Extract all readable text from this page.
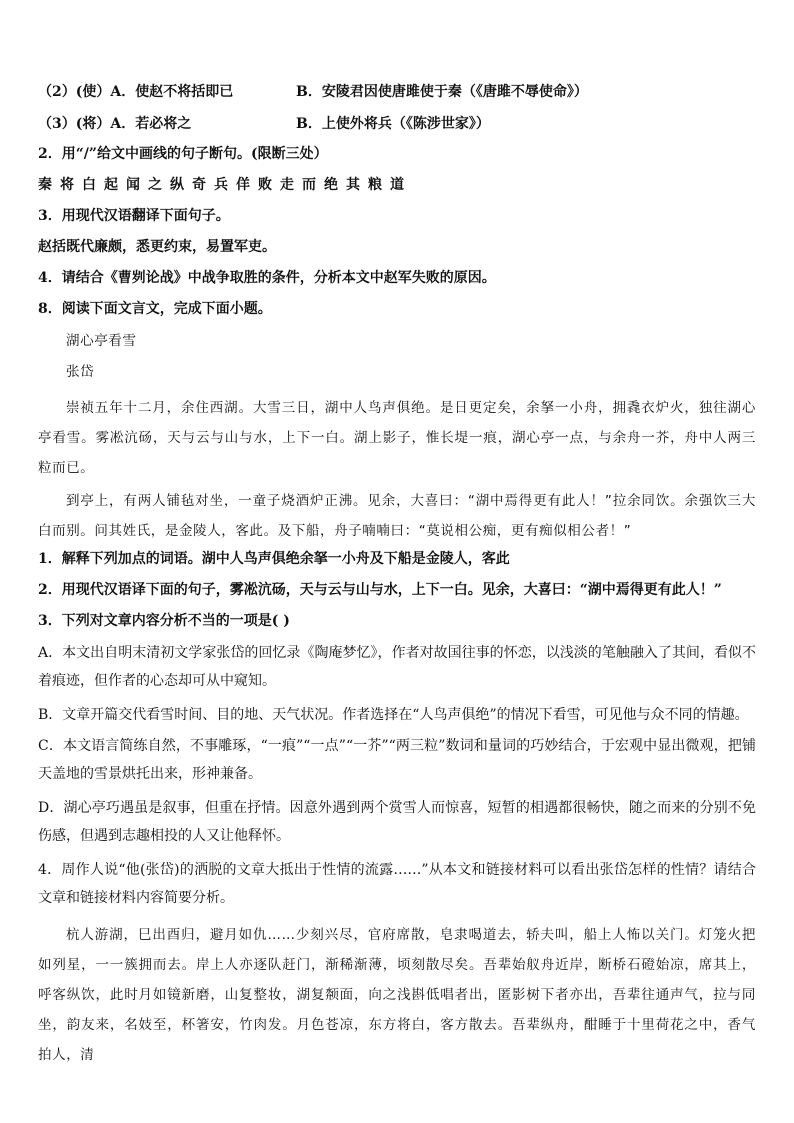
（2）(使）A．使赵不将括即已	B．安陵君因使唐雎使于秦（《唐雎不辱使命》）
（3）(将）A．若必将之	B．上使外将兵（《陈涉世家》）
2．用“/”给文中画线的句子断句。(限断三处）
秦将白起闻之纵奇兵佯败走而绝其粮道
3．用现代汉语翻译下面句子。
赵括既代廉颇，悉更约束，易置军吏。
4．请结合《曹刿论战》中战争取胜的条件，分析本文中赵军失败的原因。
8．阅读下面文言文，完成下面小题。
湖心亭看雪
张岱
崇祯五年十二月，余住西湖。大雪三日，湖中人鸟声俱绝。是日更定矣，余拏一小舟，拥毳衣炉火，独往湖心亭看雪。雾凇沆砀，天与云与山与水，上下一白。湖上影子，惟长堤一痕，湖心亭一点，与余舟一芥，舟中人两三粒而已。
到亭上，有两人铺毡对坐，一童子烧酒炉正沸。见余，大喜曰：“湖中焉得更有此人！”拉余同饮。余强饮三大白而别。问其姓氏，是金陵人，客此。及下船，舟子喃喃曰：“莫说相公痴，更有痴似相公者！”
1．解释下列加点的词语。湖中人鸟声俱绝余拏一小舟及下船是金陵人，客此
2．用现代汉语译下面的句子，雾凇沆砀，天与云与山与水，上下一白。见余，大喜曰：“湖中焉得更有此人！”
3．下列对文章内容分析不当的一项是( )
A．本文出自明末清初文学家张岱的回忆录《陶庵梦忆》，作者对故国往事的怀恋，以浅淡的笔触融入了其间，看似不着痕迹，但作者的心态却可从中窥知。
B．文章开篇交代看雪时间、目的地、天气状况。作者选择在“人鸟声俱绝”的情况下看雪，可见他与众不同的情趣。
C．本文语言简练自然，不事雕琢，“一痕”“一点”“一芥”“两三粒”数词和量词的巧妙结合，于宏观中显出微观，把铺天盖地的雪景烘托出来，形神兼备。
D．湖心亭巧遇虽是叙事，但重在抒情。因意外遇到两个赏雪人而惊喜，短暂的相遇都很畅快，随之而来的分别不免伤感，但遇到志趣相投的人又让他释怀。
4．周作人说“他(张岱)的洒脱的文章大抵出于性情的流露……”从本文和链接材料可以看出张岱怎样的性情？请结合文章和链接材料内容简要分析。
杭人游湖，巳出酉归，避月如仇……少刻兴尽，官府席散，皂隶喝道去，轿夫叫，船上人怖以关门。灯笼火把如列星，一一簇拥而去。岸上人亦逐队赶门，渐稀渐薄，顷刻散尽矣。吾辈始舣舟近岸，断桥石磴始凉，席其上，呼客纵饮，此时月如镜新磨，山复整妆，湖复颒面，向之浅斟低唱者出，匿影树下者亦出，吾辈往通声气，拉与同坐，韵友来，名妓至，杯箸安，竹肉发。月色苍凉，东方将白，客方散去。吾辈纵舟，酣睡于十里荷花之中，香气拍人，清
